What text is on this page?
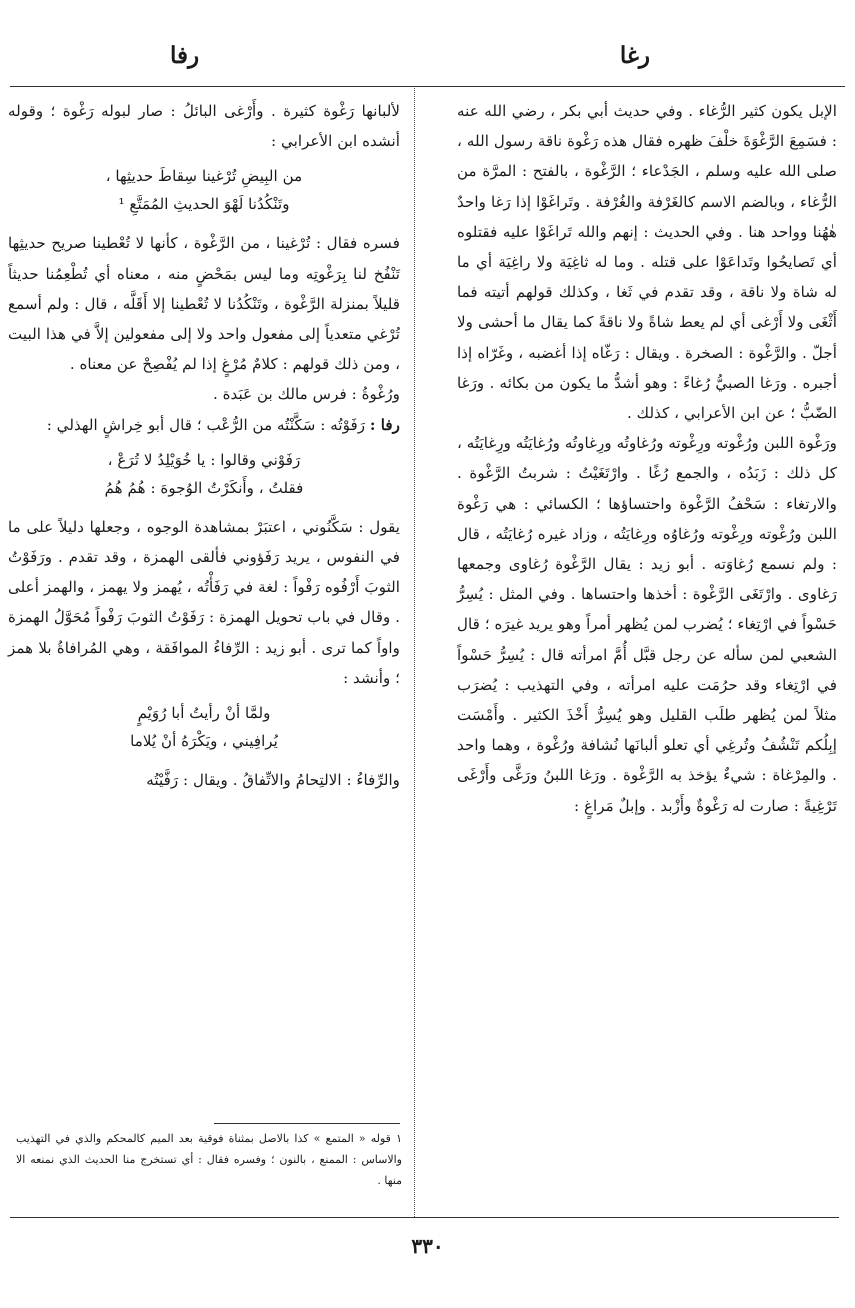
رغا
رفا

الإبل يكون كثير الرُّغاء . وفي حديث أبي بكر ، رضي الله عنه : فسَمِعَ الرَّغْوَةَ خلْفَ ظهره فقال هذه رَغْوة ناقة رسول الله ، صلى الله عليه وسلم ، الجَدْعاء ؛ الرَّغْوة ، بالفتح : المرَّة من الرُّغاء ، وبالضم الاسم كالغَرْفة والغُرْفة . وتَراغَوْا إذا رَغا واحدٌ هٰهُنا وواحد هنا . وفي الحديث : إنهم والله تَراغَوْا عليه فقتلوه أي تَصايحُوا وتَداعَوْا على قتله . وما له ثاغِيَة ولا راغِيَة أي ما له شاة ولا ناقة ، وقد تقدم في ثَغا ، وكذلك قولهم أتيته فما أَثْغَى ولا أَرْغى أي لم يعط شاةً ولا ناقةً كما يقال ما أحشى ولا أجلّ . والرَّغْوة : الصخرة . ويقال : رَغّاه إذا أغضبه ، وغَرّاه إذا أجبره . ورَغا الصبيُّ رُغاءً : وهو أشدُّ ما يكون من بكائه . ورَغا الضّبُّ ؛ عن ابن الأعرابي ، كذلك .

ورَغْوة اللبن ورُغْوته ورِغْوته ورُغاوتُه ورِغاوتُه ورُغايَتُه ورِغايَتُه ، كل ذلك : زَبَدُه ، والجمع رُغًا . وارْتَغَيْتُ : شربتُ الرَّغْوة . والارتغاء : سَحْفُ الرَّغْوة واحتساؤها ؛ الكسائي : هي رَغْوة اللبن ورُغْوته ورِغْوته ورُغاوُه ورِغايَتُه ، وزاد غيره رُغايَتُه ، قال : ولم نسمع رُغاوَته . أبو زيد : يقال الرَّغْوة رُغاوى وجمعها رَغاوى . وارْتَغَى الرَّغْوة : أخذها واحتساها . وفي المثل : يُسِرُّ حَسْواً في ارْتِغاء ؛ يُضرب لمن يُظهر أمراً وهو يريد غيرَه ؛ قال الشعبي لمن سأله عن رجل قبَّل أُمَّ امرأته قال : يُسِرُّ حَسْواً في ارْتِغاء وقد حرُمَت عليه امرأته ، وفي التهذيب : يُضرَب مثلاً لمن يُظهر طلَب القليل وهو يُسِرُّ أَخْذَ الكثير . وأَمْسَت إبِلُكم تَنْشُفُ وتُرغِي أي تعلو ألبانَها نُشافة ورُغْوة ، وهما واحد . والمِرْغاة : شيءٌ يؤخذ به الرَّغْوة . ورَغا اللبنُ ورَغَّى وأَرْغَى تَرْغِيةً : صارت له رَغْوةٌ وأَزْبد . وإبلٌ مَراغٍ :

لألبانها رَغْوة كثيرة . وأَرْغى البائلُ : صار لبوله رَغْوة ؛ وقوله أنشده ابن الأعرابي :

من البِيضِ تُرْغينا سِقاطَ حديثِها ،
وتَنْكُدُنا لَهْوَ الحديثِ المُمَتَّعِ ¹

فسره فقال : تُرْغينا ، من الرَّغْوة ، كأنها لا تُعْطينا صريح حديثِها تَنْفُخ لنا بِرَغْوتِه وما ليس بمَحْضٍ منه ، معناه أي تُطْعِمُنا حديثاً قليلاً بمنزلة الرَّغْوة ، وتَنْكُدُنا لا تُعْطينا إلا أَقَلَّه ، قال : ولم أسمع تُرْغي متعدياً إلى مفعول واحد ولا إلى مفعولين إلاَّ في هذا البيت ، ومن ذلك قولهم : كلامٌ مُرْغٍ إذا لم يُفْصِحْ عن معناه .

ورُغْوةُ : فرس مالك بن عَبَدة .

رفا : رَفَوْتُه : سَكَّنْتُه من الرُّعْب ؛ قال أبو خِراشٍ الهذلي :

رَفَوْني وقالوا : يا خُوَيْلِدُ لا تُرَعْ ،
فقلتُ ، وأَنكَرْتُ الوُجوهَ : هُمُ هُمُ

يقول : سَكَّنُوني ، اعتبَرْ بمشاهدة الوجوه ، وجعلها دليلاً على ما في النفوس ، يريد رَفَؤوني فألقى الهمزة ، وقد تقدم . ورَفَوْتُ الثوبَ أَرْفُوه رَفْواً : لغة في رَفَأْتُه ، يُهمز ولا يهمز ، والهمز أعلى . وقال في باب تحويل الهمزة : رَفَوْتُ الثوبَ رَفْواً مُحَوَّلُ الهمزة واواً كما ترى . أبو زيد : الرِّفاءُ الموافَقة ، وهي المُرافاةُ بلا همز ؛ وأنشد :

ولمَّا أنْ رأيتُ أبا رُوَيْمٍ
يُرافِيني ، ويَكْرَهُ أنْ يُلاما

والرِّفاءُ : الالتِحامُ والاتِّفاقُ . ويقال : رَفَّيْتُه

١ قوله « المتمع » كذا بالاصل بمثناة فوقية بعد الميم كالمحكم والذي في التهذيب والاساس : الممنع ، بالنون ؛ وفسره فقال : أي تستخرج منا الحديث الذي نمنعه الا منها .
٣٣٠
